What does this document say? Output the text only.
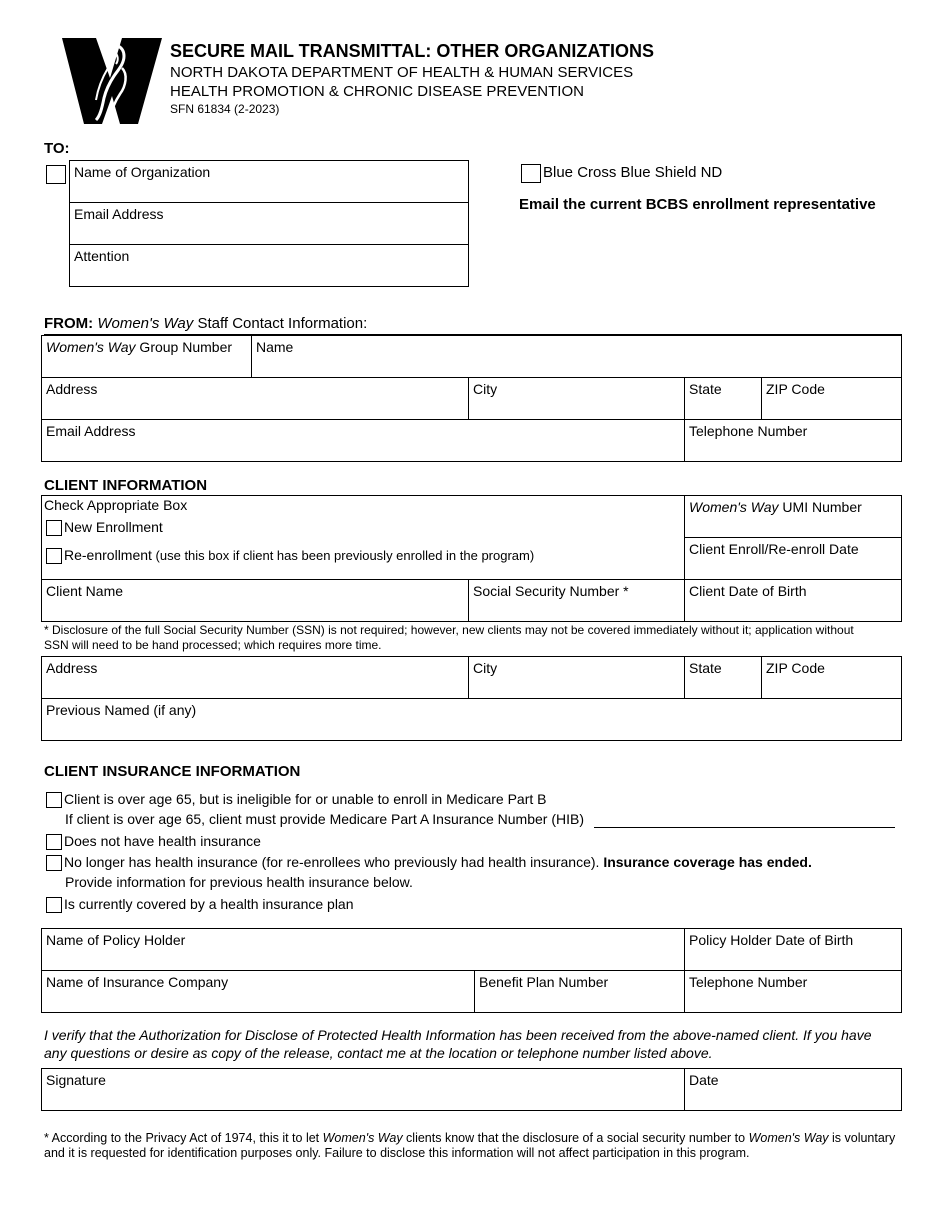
SECURE MAIL TRANSMITTAL: OTHER ORGANIZATIONS
NORTH DAKOTA DEPARTMENT OF HEALTH & HUMAN SERVICES
HEALTH PROMOTION & CHRONIC DISEASE PREVENTION
SFN 61834 (2-2023)
TO:
Name of Organization
Email Address
Attention
Blue Cross Blue Shield ND
Email the current BCBS enrollment representative
FROM: Women's Way Staff Contact Information:
Women's Way Group Number Name
Address	City	State	ZIP Code
Email Address	Telephone Number
CLIENT INFORMATION
Check Appropriate Box
New Enrollment
Re-enrollment (use this box if client has been previously enrolled in the program)
Women's Way UMI Number
Client Enroll/Re-enroll Date
Client Name	Social Security Number *	Client Date of Birth
* Disclosure of the full Social Security Number (SSN) is not required; however, new clients may not be covered immediately without it; application without
SSN will need to be hand processed; which requires more time.
Address	City	State	ZIP Code
Previous Named (if any)
CLIENT INSURANCE INFORMATION
Client is over age 65, but is ineligible for or unable to enroll in Medicare Part B
If client is over age 65, client must provide Medicare Part A Insurance Number (HIB)
Does not have health insurance
No longer has health insurance (for re-enrollees who previously had health insurance). Insurance coverage has ended.
Provide information for previous health insurance below.
Is currently covered by a health insurance plan
Name of Policy Holder	Policy Holder Date of Birth
Name of Insurance Company	Benefit Plan Number	Telephone Number
I verify that the Authorization for Disclose of Protected Health Information has been received from the above-named client. If you have
any questions or desire as copy of the release, contact me at the location or telephone number listed above.
Signature	Date
* According to the Privacy Act of 1974, this it to let Women's Way clients know that the disclosure of a social security number to Women's Way is voluntary
and it is requested for identification purposes only. Failure to disclose this information will not affect participation in this program.
